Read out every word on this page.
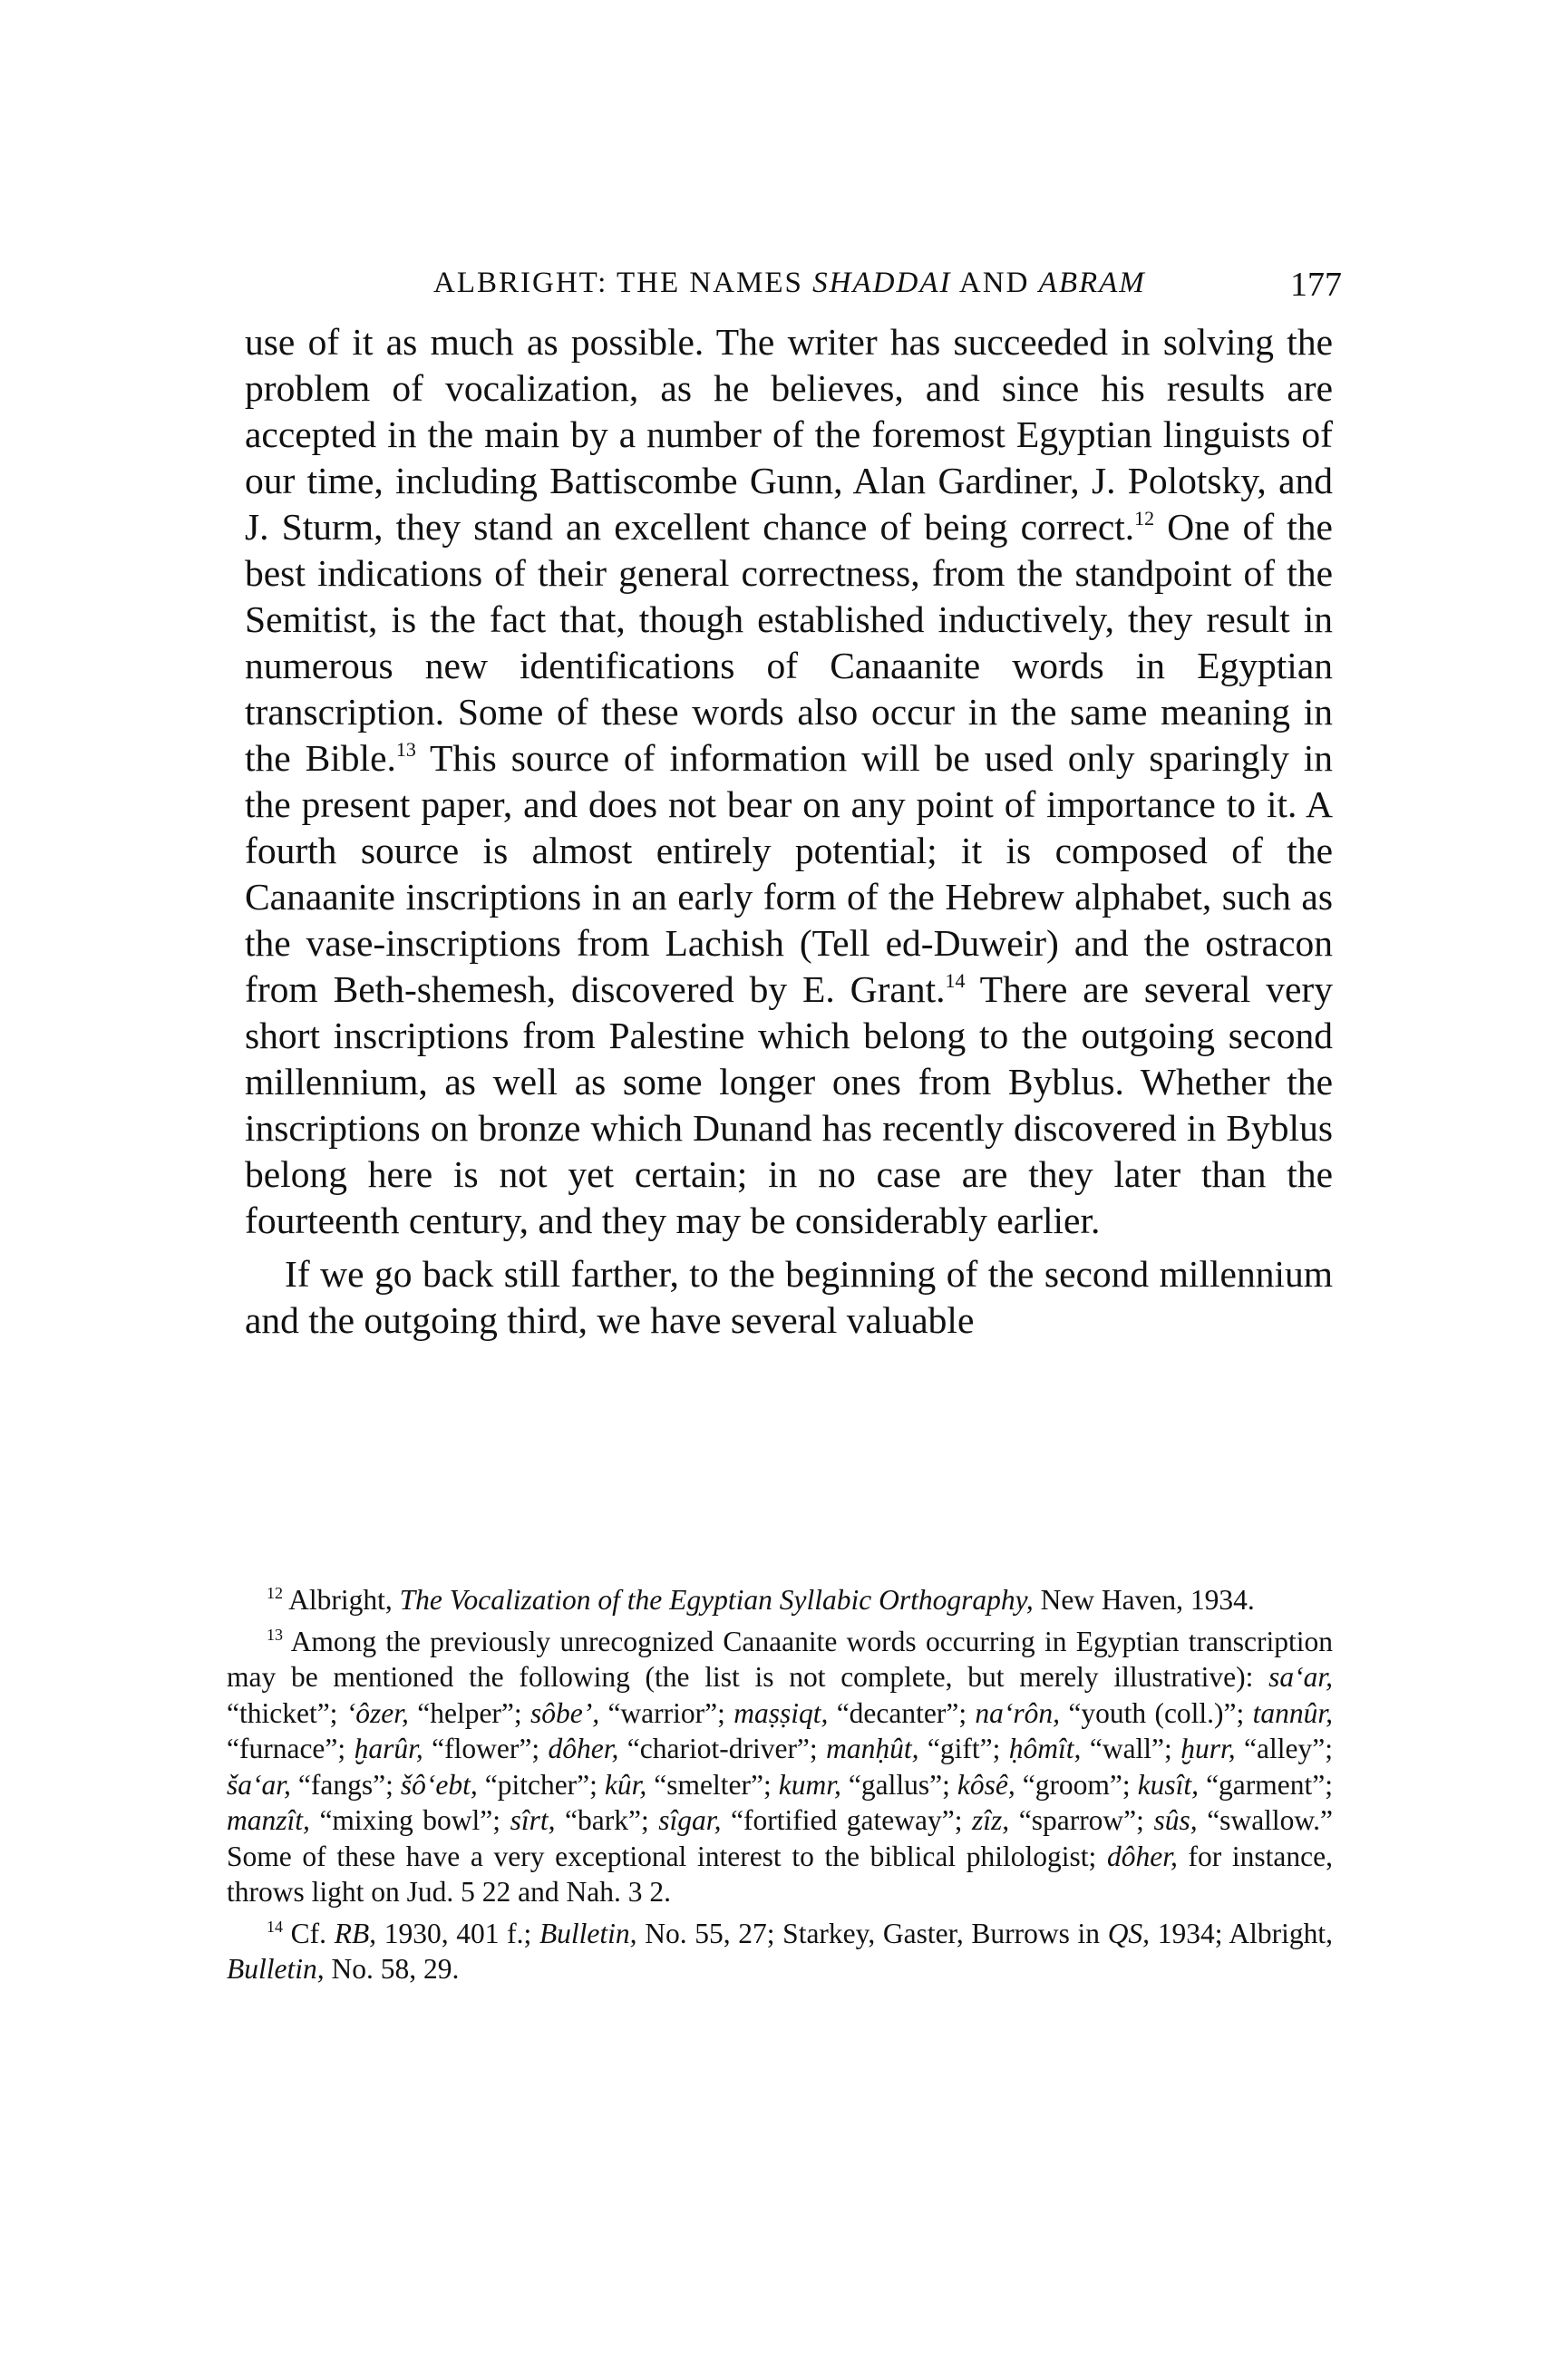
ALBRIGHT: THE NAMES SHADDAI AND ABRAM	177

use of it as much as possible. The writer has succeeded in solving the problem of vocalization, as he believes, and since his results are accepted in the main by a number of the foremost Egyptian linguists of our time, including Battiscombe Gunn, Alan Gardiner, J. Polotsky, and J. Sturm, they stand an excellent chance of being correct.$^{12}$ One of the best indications of their general correctness, from the standpoint of the Semitist, is the fact that, though established inductively, they result in numerous new identifications of Canaanite words in Egyptian transcription. Some of these words also occur in the same meaning in the Bible.$^{13}$ This source of information will be used only sparingly in the present paper, and does not bear on any point of importance to it. A fourth source is almost entirely potential; it is composed of the Canaanite inscriptions in an early form of the Hebrew alphabet, such as the vase-inscriptions from Lachish (Tell ed-Duweir) and the ostracon from Beth-shemesh, discovered by E. Grant.$^{14}$ There are several very short inscriptions from Palestine which belong to the outgoing second millennium, as well as some longer ones from Byblus. Whether the inscriptions on bronze which Dunand has recently discovered in Byblus belong here is not yet certain; in no case are they later than the fourteenth century, and they may be considerably earlier.

If we go back still farther, to the beginning of the second millennium and the outgoing third, we have several valuable

$^{12}$ Albright, The Vocalization of the Egyptian Syllabic Orthography, New Haven, 1934.

$^{13}$ Among the previously unrecognized Canaanite words occurring in Egyptian transcription may be mentioned the following (the list is not complete, but merely illustrative): sa‘ar, “thicket”; ‘ôzer, “helper”; sôbe’, “warrior”; maṣṣiqt, “decanter”; na‘rôn, “youth (coll.)”; tannûr, “furnace”; ḫarûr, “flower”; dôher, “chariot-driver”; manḥût, “gift”; ḥômît, “wall”; ḫurr, “alley”; ša‘ar, “fangs”; šô‘ebt, “pitcher”; kûr, “smelter”; kumr, “gallus”; kôsê, “groom”; kusît, “garment”; manzît, “mixing bowl”; sîrt, “bark”; sîgar, “fortified gateway”; zîz, “sparrow”; sûs, “swallow.” Some of these have a very exceptional interest to the biblical philologist; dôher, for instance, throws light on Jud. 5 22 and Nah. 3 2.

$^{14}$ Cf. RB, 1930, 401 f.; Bulletin, No. 55, 27; Starkey, Gaster, Burrows in QS, 1934; Albright, Bulletin, No. 58, 29.
